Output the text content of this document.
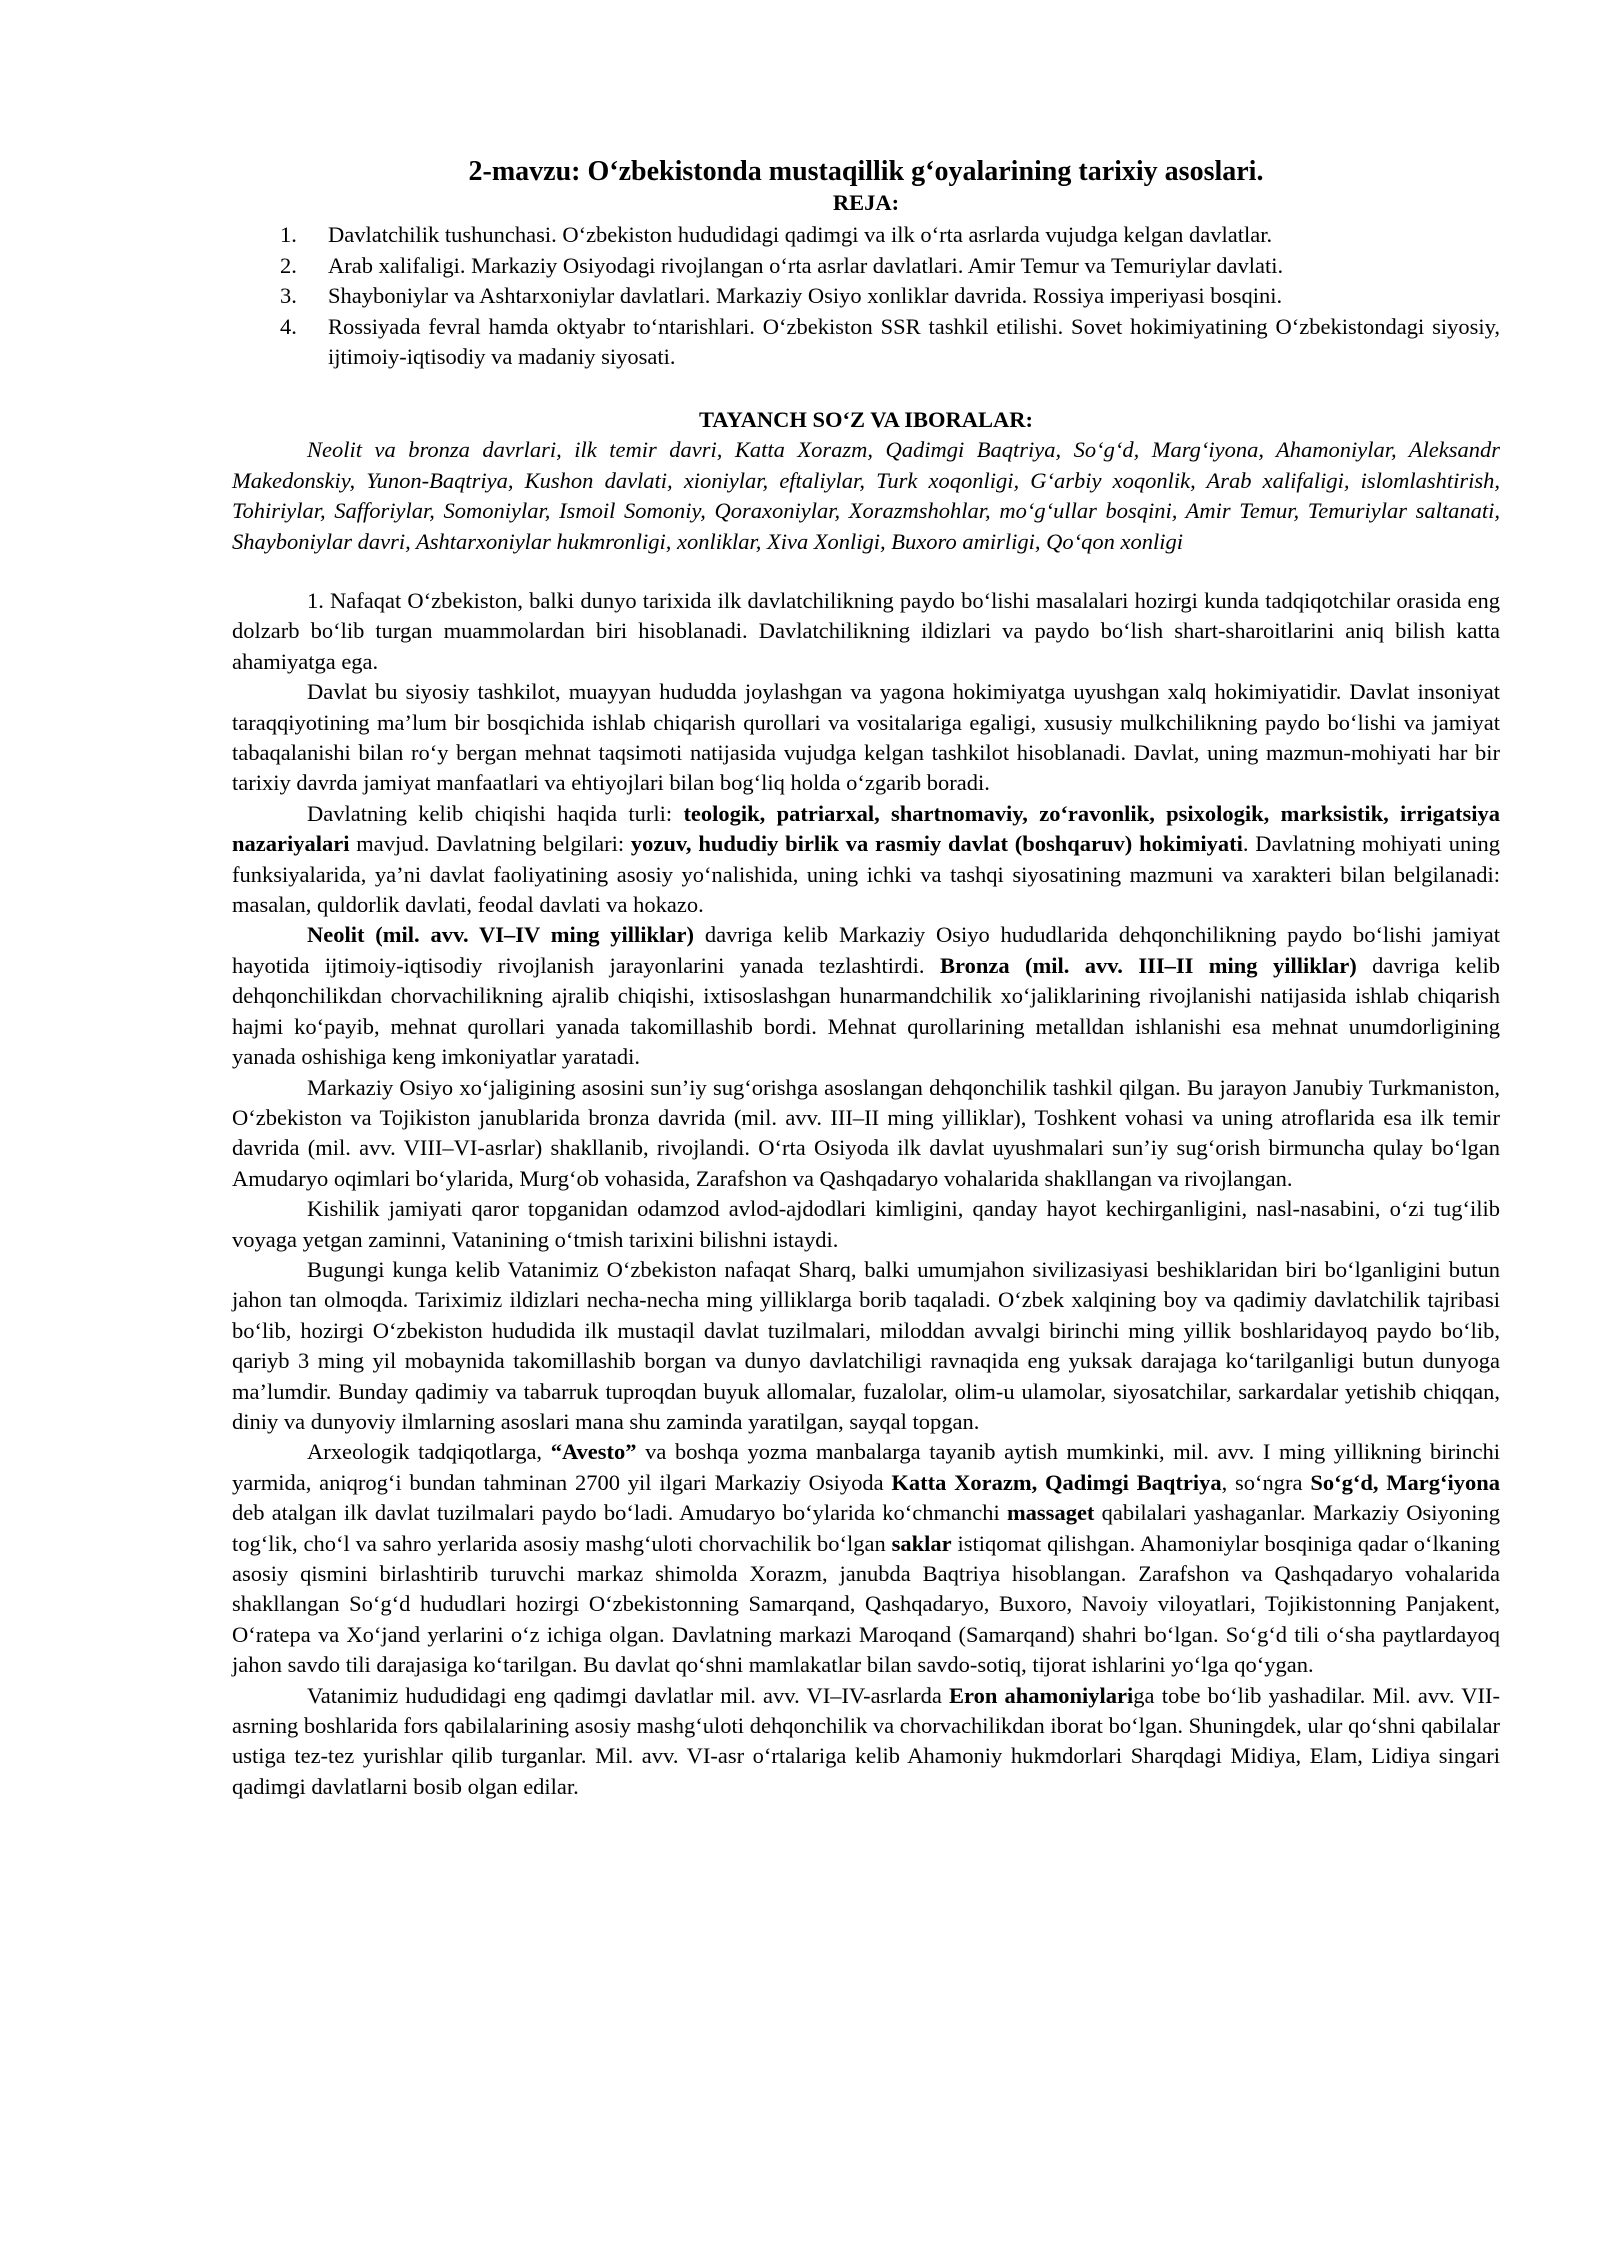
2-mavzu: O‘zbekistonda mustaqillik g‘oyalarining tarixiy asoslari.
REJA:
1. Davlatchilik tushunchasi. O‘zbekiston hududidagi qadimgi va ilk o‘rta asrlarda vujudga kelgan davlatlar.
2. Arab xalifaligi. Markaziy Osiyodagi rivojlangan o‘rta asrlar davlatlari. Amir Temur va Temuriylar davlati.
3. Shayboniylar va Ashtarxoniylar davlatlari. Markaziy Osiyo xonliklar davrida. Rossiya imperiyasi bosqini.
4. Rossiyada fevral hamda oktyabr to‘ntarishlari. O‘zbekiston SSR tashkil etilishi. Sovet hokimiyatining O‘zbekistondagi siyosiy, ijtimoiy-iqtisodiy va madaniy siyosati.
TAYANCH SO‘Z VA IBORALAR:

Neolit va bronza davrlari, ilk temir davri, Katta Xorazm, Qadimgi Baqtriya, So‘g‘d, Marg‘iyona, Ahamoniylar, Aleksandr Makedonskiy, Yunon-Baqtriya, Kushon davlati, xioniylar, eftaliylar, Turk xoqonligi, G‘arbiy xoqonlik, Arab xalifaligi, islomlashtirish, Tohiriylar, Safforiylar, Somoniylar, Ismoil Somoniy, Qoraxoniylar, Xorazmshohlar, mo‘g‘ullar bosqini, Amir Temur, Temuriylar saltanati, Shayboniylar davri, Ashtarxoniylar hukmronligi, xonliklar, Xiva Xonligi, Buxoro amirligi, Qo‘qon xonligi

1. Nafaqat O‘zbekiston, balki dunyo tarixida ilk davlatchilikning paydo bo‘lishi masalalari hozirgi kunda tadqiqotchilar orasida eng dolzarb bo‘lib turgan muammolardan biri hisoblanadi. Davlatchilikning ildizlari va paydo bo‘lish shart-sharoitlarini aniq bilish katta ahamiyatga ega.

Davlat bu siyosiy tashkilot, muayyan hududda joylashgan va yagona hokimiyatga uyushgan xalq hokimiyatidir. Davlat insoniyat taraqqiyotining ma’lum bir bosqichida ishlab chiqarish qurollari va vositalariga egaligi, xususiy mulkchilikning paydo bo‘lishi va jamiyat tabaqalanishi bilan ro‘y bergan mehnat taqsimoti natijasida vujudga kelgan tashkilot hisoblanadi. Davlat, uning mazmun-mohiyati har bir tarixiy davrda jamiyat manfaatlari va ehtiyojlari bilan bog‘liq holda o‘zgarib boradi.

Davlatning kelib chiqishi haqida turli: teologik, patriarxal, shartnomaviy, zo‘ravonlik, psixologik, marksistik, irrigatsiya nazariyalari mavjud. Davlatning belgilari: yozuv, hududiy birlik va rasmiy davlat (boshqaruv) hokimiyati. Davlatning mohiyati uning funksiyalarida, ya’ni davlat faoliyatining asosiy yo‘nalishida, uning ichki va tashqi siyosatining mazmuni va xarakteri bilan belgilanadi: masalan, quldorlik davlati, feodal davlati va hokazo.

Neolit (mil. avv. VI–IV ming yilliklar) davriga kelib Markaziy Osiyo hududlarida dehqonchilikning paydo bo‘lishi jamiyat hayotida ijtimoiy-iqtisodiy rivojlanish jarayonlarini yanada tezlashtirdi. Bronza (mil. avv. III–II ming yilliklar) davriga kelib dehqonchilikdan chorvachilikning ajralib chiqishi, ixtisoslashgan hunarmandchilik xo‘jaliklarining rivojlanishi natijasida ishlab chiqarish hajmi ko‘payib, mehnat qurollari yanada takomillashib bordi. Mehnat qurollarining metalldan ishlanishi esa mehnat unumdorligining yanada oshishiga keng imkoniyatlar yaratadi.

Markaziy Osiyo xo‘jaligining asosini sun’iy sug‘orishga asoslangan dehqonchilik tashkil qilgan. Bu jarayon Janubiy Turkmaniston, O‘zbekiston va Tojikiston janublarida bronza davrida (mil. avv. III–II ming yilliklar), Toshkent vohasi va uning atroflarida esa ilk temir davrida (mil. avv. VIII–VI-asrlar) shakllanib, rivojlandi. O‘rta Osiyoda ilk davlat uyushmalari sun’iy sug‘orish birmuncha qulay bo‘lgan Amudaryo oqimlari bo‘ylarida, Murg‘ob vohasida, Zarafshon va Qashqadaryo vohalarida shakllangan va rivojlangan.

Kishilik jamiyati qaror topganidan odamzod avlod-ajdodlari kimligini, qanday hayot kechirganligini, nasl-nasabini, o‘zi tug‘ilib voyaga yetgan zaminni, Vatanining o‘tmish tarixini bilishni istaydi.

Bugungi kunga kelib Vatanimiz O‘zbekiston nafaqat Sharq, balki umumjahon sivilizasiyasi beshiklaridan biri bo‘lganligini butun jahon tan olmoqda. Tariximiz ildizlari necha-necha ming yilliklarga borib taqaladi. O‘zbek xalqining boy va qadimiy davlatchilik tajribasi bo‘lib, hozirgi O‘zbekiston hududida ilk mustaqil davlat tuzilmalari, miloddan avvalgi birinchi ming yillik boshlaridayoq paydo bo‘lib, qariyb 3 ming yil mobaynida takomillashib borgan va dunyo davlatchiligi ravnaqida eng yuksak darajaga ko‘tarilganligi butun dunyoga ma’lumdir. Bunday qadimiy va tabarruk tuproqdan buyuk allomalar, fuzalolar, olim-u ulamolar, siyosatchilar, sarkardalar yetishib chiqqan, diniy va dunyoviy ilmlarning asoslari mana shu zaminda yaratilgan, sayqal topgan.

Arxeologik tadqiqotlarga, “Avesto” va boshqa yozma manbalarga tayanib aytish mumkinki, mil. avv. I ming yillikning birinchi yarmida, aniqrog‘i bundan tahminan 2700 yil ilgari Markaziy Osiyoda Katta Xorazm, Qadimgi Baqtriya, so‘ngra So‘g‘d, Marg‘iyona deb atalgan ilk davlat tuzilmalari paydo bo‘ladi. Amudaryo bo‘ylarida ko‘chmanchi massaget qabilalari yashaganlar. Markaziy Osiyoning tog‘lik, cho‘l va sahro yerlarida asosiy mashg‘uloti chorvachilik bo‘lgan saklar istiqomat qilishgan. Ahamoniylar bosqiniga qadar o‘lkaning asosiy qismini birlashtirib turuvchi markaz shimolda Xorazm, janubda Baqtriya hisoblangan. Zarafshon va Qashqadaryo vohalarida shakllangan So‘g‘d hududlari hozirgi O‘zbekistonning Samarqand, Qashqadaryo, Buxoro, Navoiy viloyatlari, Tojikistonning Panjakent, O‘ratepa va Xo‘jand yerlarini o‘z ichiga olgan. Davlatning markazi Maroqand (Samarqand) shahri bo‘lgan. So‘g‘d tili o‘sha paytlardayoq jahon savdo tili darajasiga ko‘tarilgan. Bu davlat qo‘shni mamlakatlar bilan savdo-sotiq, tijorat ishlarini yo‘lga qo‘ygan.

Vatanimiz hududidagi eng qadimgi davlatlar mil. avv. VI–IV-asrlarda Eron ahamoniylariga tobe bo‘lib yashadilar. Mil. avv. VII-asrning boshlarida fors qabilalarining asosiy mashg‘uloti dehqonchilik va chorvachilikdan iborat bo‘lgan. Shuningdek, ular qo‘shni qabilalar ustiga tez-tez yurishlar qilib turganlar. Mil. avv. VI-asr o‘rtalariga kelib Ahamoniy hukmdorlari Sharqdagi Midiya, Elam, Lidiya singari qadimgi davlatlarni bosib olgan edilar.
